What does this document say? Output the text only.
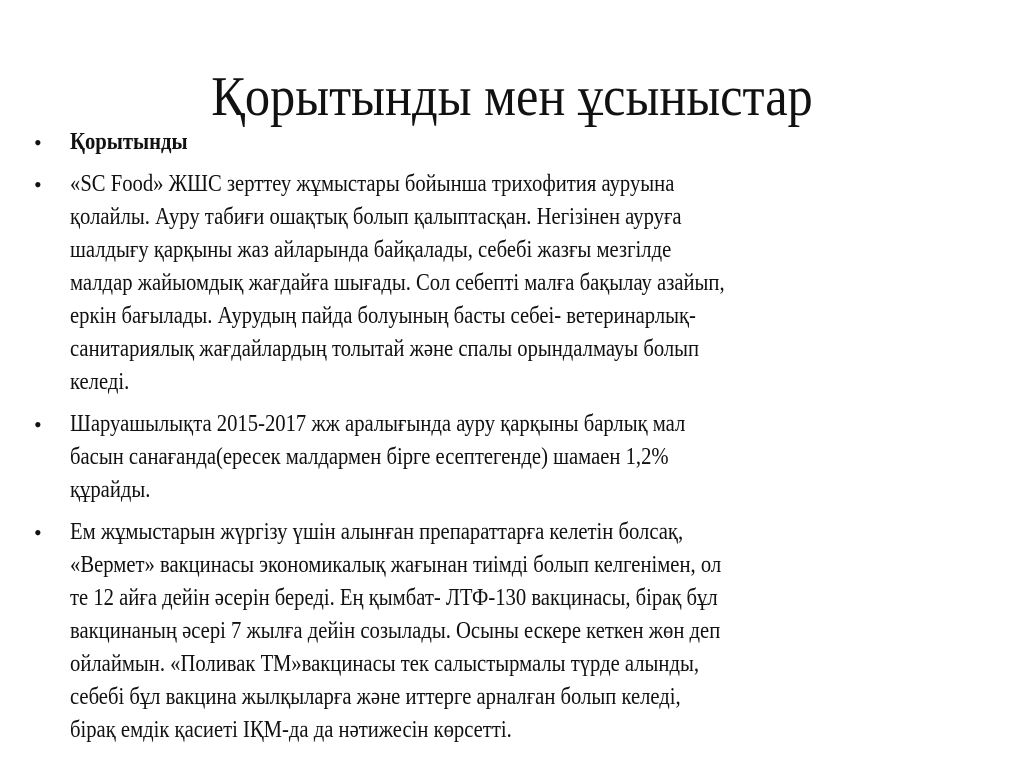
Қорытынды мен ұсыныстар
• Қорытынды
• «SC Food» ЖШС зерттеу жұмыстары бойынша трихофития ауруына
қолайлы. Ауру табиғи ошақтық болып қалыптасқан. Негізінен ауруға
шалдығу қарқыны жаз айларында байқалады, себебі жазғы мезгілде
малдар жайыомдық жағдайға шығады. Сол себепті малға бақылау азайып,
еркін бағылады. Аурудың пайда болуының басты себеі- ветеринарлық-
санитариялық жағдайлардың толытай және спалы орындалмауы болып
келеді.
• Шаруашылықта 2015-2017 жж аралығында ауру қарқыны барлық мал
басын санағанда(ересек малдармен бірге есептегенде) шамаен 1,2%
құрайды.
• Ем жұмыстарын жүргізу үшін алынған препараттарға келетін болсақ,
«Вермет» вакцинасы экономикалық жағынан тиімді болып келгенімен, ол
те 12 айға дейін әсерін береді. Ең қымбат- ЛТФ-130 вакцинасы, бірақ бұл
вакцинаның әсері 7 жылға дейін созылады. Осыны ескере кеткен жөн деп
ойлаймын. «Поливак ТМ»вакцинасы тек салыстырмалы түрде алынды,
себебі бұл вакцина жылқыларға және иттерге арналған болып келеді,
бірақ емдік қасиеті ІҚМ-да да нәтижесін көрсетті.
